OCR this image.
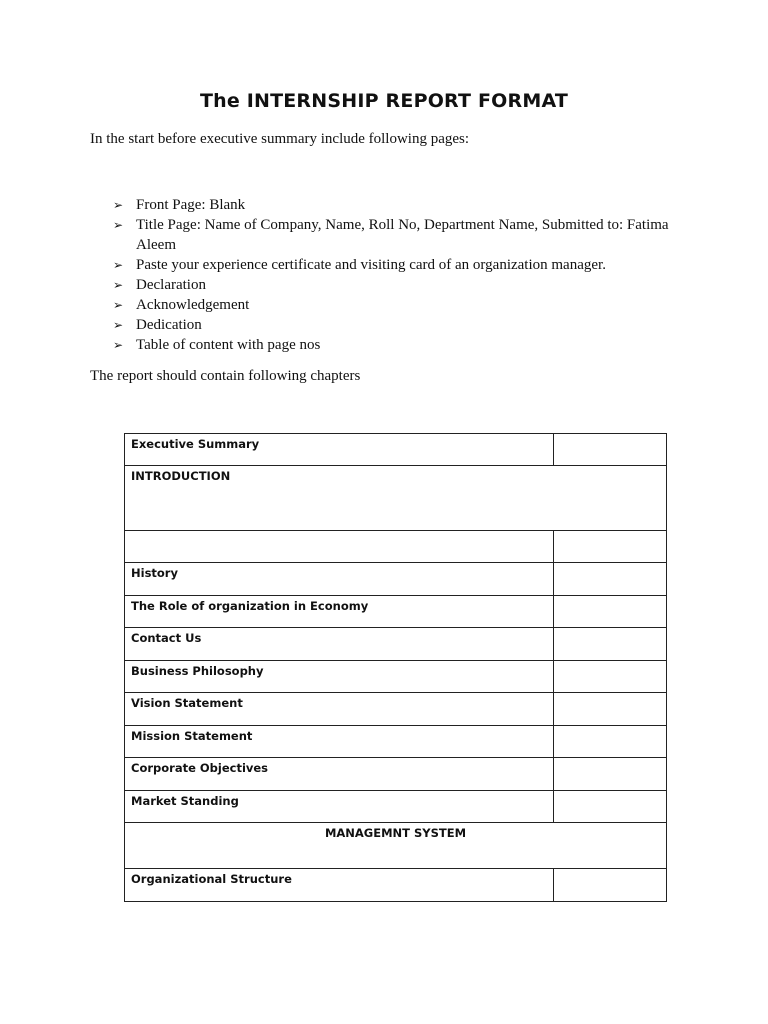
The INTERNSHIP REPORT FORMAT

In the start before executive summary include following pages:

➢ Front Page: Blank
➢ Title Page: Name of Company, Name, Roll No, Department Name, Submitted to: Fatima Aleem
➢ Paste your experience certificate and visiting card of an organization manager.
➢ Declaration
➢ Acknowledgement
➢ Dedication
➢ Table of content with page nos

The report should contain following chapters

Executive Summary	
INTRODUCTION	

History	
The Role of organization in Economy	
Contact Us	
Business Philosophy	
Vision Statement	
Mission Statement	
Corporate Objectives	
Market Standing	
MANAGEMNT SYSTEM	
Organizational Structure	
